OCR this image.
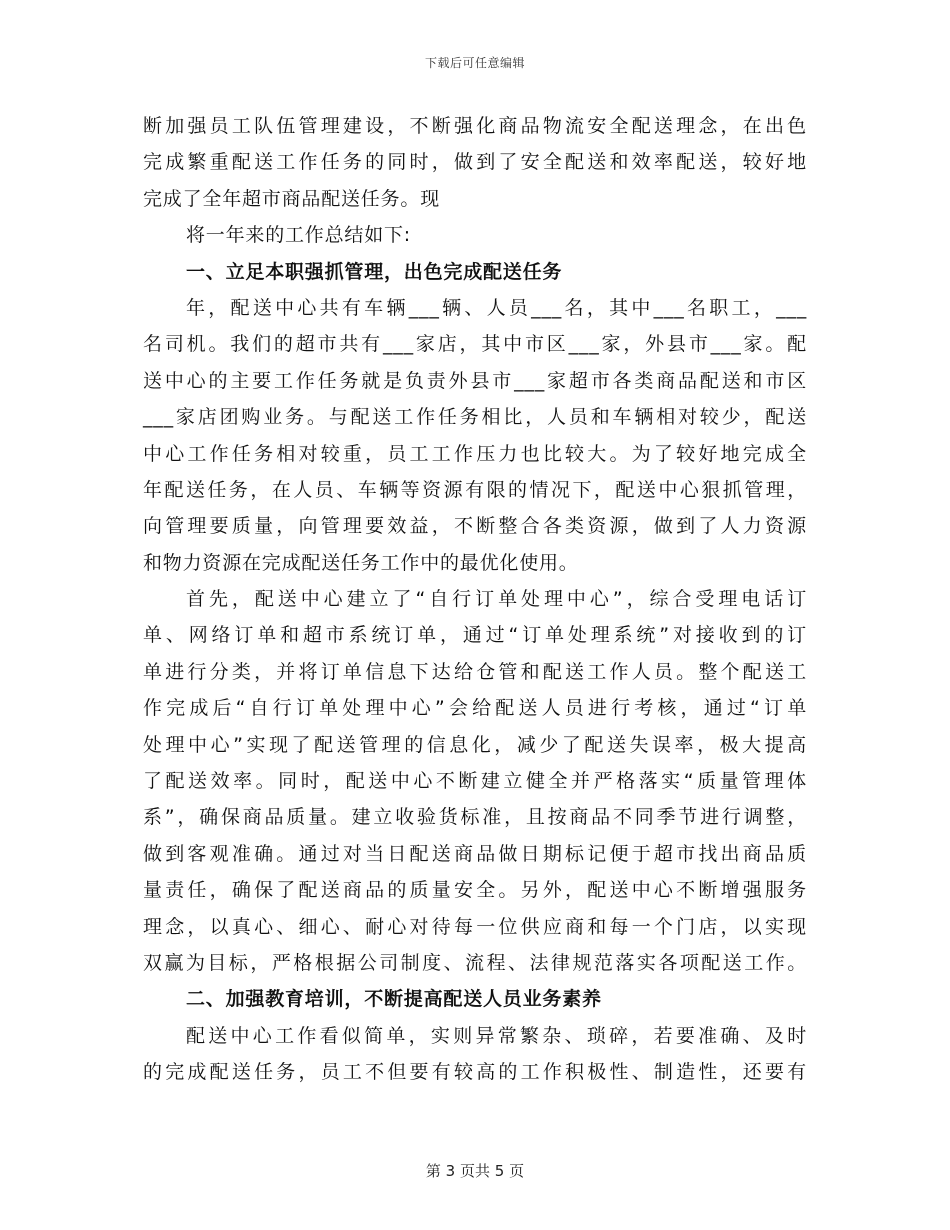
下载后可任意编辑
断加强员工队伍管理建设，不断强化商品物流安全配送理念，在出色
完成繁重配送工作任务的同时，做到了安全配送和效率配送，较好地
完成了全年超市商品配送任务。现
将一年来的工作总结如下:
一、立足本职强抓管理，出色完成配送任务
年，配送中心共有车辆___辆、人员___名，其中___名职工，___
名司机。我们的超市共有___家店，其中市区___家，外县市___家。配
送中心的主要工作任务就是负责外县市___家超市各类商品配送和市区
___家店团购业务。与配送工作任务相比，人员和车辆相对较少，配送
中心工作任务相对较重，员工工作压力也比较大。为了较好地完成全
年配送任务，在人员、车辆等资源有限的情况下，配送中心狠抓管理，
向管理要质量，向管理要效益，不断整合各类资源，做到了人力资源
和物力资源在完成配送任务工作中的最优化使用。
首先，配送中心建立了“自行订单处理中心”，综合受理电话订
单、网络订单和超市系统订单，通过“订单处理系统”对接收到的订
单进行分类，并将订单信息下达给仓管和配送工作人员。整个配送工
作完成后“自行订单处理中心”会给配送人员进行考核，通过“订单
处理中心”实现了配送管理的信息化，减少了配送失误率，极大提高
了配送效率。同时，配送中心不断建立健全并严格落实“质量管理体
系”，确保商品质量。建立收验货标准，且按商品不同季节进行调整，
做到客观准确。通过对当日配送商品做日期标记便于超市找出商品质
量责任，确保了配送商品的质量安全。另外，配送中心不断增强服务
理念，以真心、细心、耐心对待每一位供应商和每一个门店，以实现
双赢为目标，严格根据公司制度、流程、法律规范落实各项配送工作。
二、加强教育培训，不断提高配送人员业务素养
配送中心工作看似简单，实则异常繁杂、琐碎，若要准确、及时
的完成配送任务，员工不但要有较高的工作积极性、制造性，还要有
第 3 页共 5 页
